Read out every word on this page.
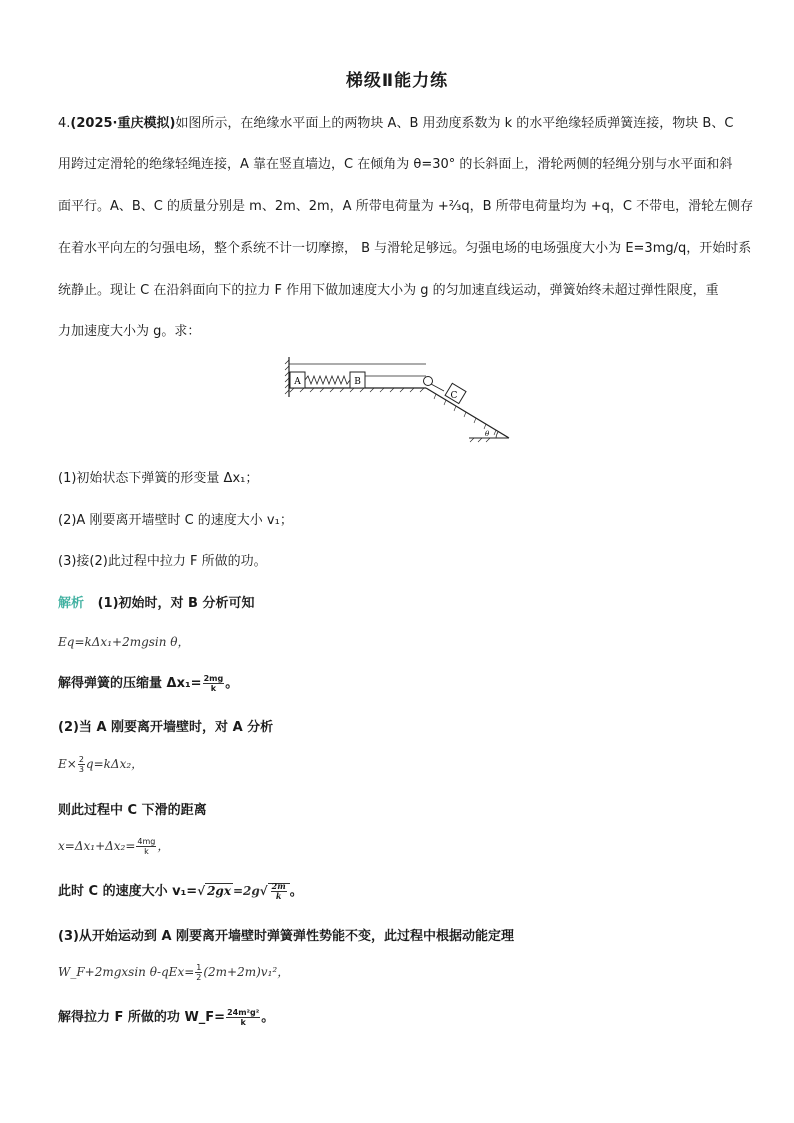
梯级Ⅱ能力练
4.(2025·重庆模拟)如图所示，在绝缘水平面上的两物块 A、B 用劲度系数为 k 的水平绝缘轻质弹簧连接，物块 B、C
用跨过定滑轮的绝缘轻绳连接，A 靠在竖直墙边，C 在倾角为 θ=30° 的长斜面上，滑轮两侧的轻绳分别与水平面和斜
面平行。A、B、C 的质量分别是 m、2m、2m，A 所带电荷量为 +⅔q，B 所带电荷量均为 +q，C 不带电，滑轮左侧存
在着水平向左的匀强电场，整个系统不计一切摩擦， B 与滑轮足够远。匀强电场的电场强度大小为 E=3mg/q，开始时系
统静止。现让 C 在沿斜面向下的拉力 F 作用下做加速度大小为 g 的匀加速直线运动，弹簧始终未超过弹性限度，重
力加速度大小为 g。求：
A	B
θ
C
(1)初始状态下弹簧的形变量 Δx₁；
(2)A 刚要离开墙壁时 C 的速度大小 v₁；
(3)接(2)此过程中拉力 F 所做的功。
解析 (1)初始时，对 B 分析可知
Eq=kΔx₁+2mgsin θ，
解得弹簧的压缩量 $\Delta x_1= \frac{2mg}{k}$ 。
(2)当 A 刚要离开墙壁时，对 A 分析
$E\times \frac{2}{3} q=k\Delta x_2$，
则此过程中 C 下滑的距离
$x=\Delta x_1+\Delta x_2= \frac{4mg}{k}$ ，
此时 C 的速度大小 v₁=√ $2gx =2g√ \frac{2m}{k}$ 。
(3)从开始运动到 A 刚要离开墙壁时弹簧弹性势能不变，此过程中根据动能定理
W_F+2mgxsin $\theta-qEx= \frac{1}{2} (2m+2m)v_1^2$，
解得拉力 F 所做的功 W_F= $\frac{\text{24m²g²}}{k}$ 。
